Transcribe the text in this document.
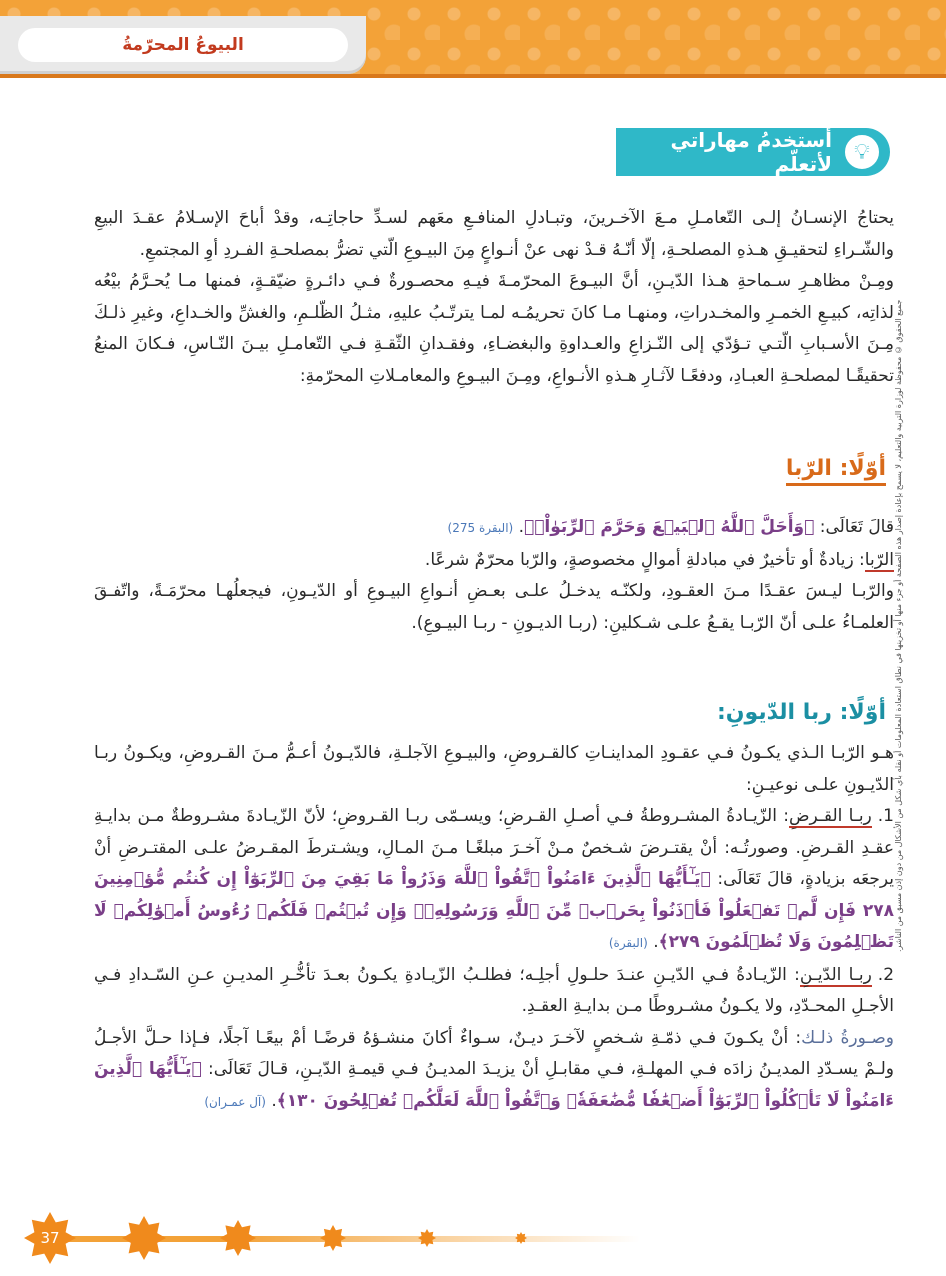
البيوعُ المحرّمةُ
💡︎
أستخدمُ مهاراتي لأتعلّم

يحتاجُ الإنسـانُ إلـى التّعامـلِ مـعَ الآخـرينَ، وتبـادلِ المنافـعِ معَهم لسـدِّ حاجاتِـه، وقدْ أباحَ الإسـلامُ عقـدَ البيعِ والشّـراءِ لتحقيـقِ هـذهِ المصلحـةِ، إلّا أنّـهُ قـدْ نهى عنْ أنـواعٍ مِنَ البيـوعِ الّتي تضرُّ بمصلحـةِ الفـردِ أوِ المجتمعِ.

ومِـنْ مظاهـرِ سـماحةِ هـذا الدّيـنِ، أنَّ البيـوعَ المحرّمـةَ فيـهِ محصـورةٌ فـي دائـرةٍ ضيّقـةٍ، فمنها مـا يُحـرَّمُ بيْعُه لذاتِه، كبيـعِ الخمـرِ والمخـدراتِ، ومنهـا مـا كانَ تحريمُـه لمـا يترتّـبُ عليهِ، مثـلُ الظّلـمِ، والغشِّ والخـداعِ، وغيرِ ذلـكَ مِـنَ الأسـبابِ الّتـي تـؤدّي إلى النّـزاعِ والعـداوةِ والبغضـاءِ، وفقـدانِ الثّقـةِ فـي التّعامـلِ بيـنَ النّـاسِ، فـكانَ المنعُ تحقيقًـا لمصلحـةِ العبـادِ، ودفعًـا لآثـارِ هـذهِ الأنـواعِ، ومِـنَ البيـوعِ والمعامـلاتِ المحرّمةِ:

أوّلًا: الرّبا

قالَ تَعَالَى: ﴿وَأَحَلَّ ٱللَّهُ ٱلۡبَيۡعَ وَحَرَّمَ ٱلرِّبَوٰاْۚ﴾. (البقرة 275)

الرّبا: زيادةٌ أو تأخيرٌ في مبادلةِ أموالٍ مخصوصةٍ، والرّبا محرّمٌ شرعًا.

والرّبـا ليـسَ عقـدًا مـنَ العقـودِ، ولكنّـه يدخـلُ علـى بعـضِ أنـواعِ البيـوعِ أو الدّيـونِ، فيجعلُهـا محرّمَـةً، واتّفـقَ العلمـاءُ علـى أنّ الرّبـا يقـعُ علـى شـكلينِ: (ربـا الديـونِ - ربـا البيـوعِ).

أوّلًا: ربا الدّيونِ:

هـو الرّبـا الـذي يكـونُ فـي عقـودِ المداينـاتِ كالقـروضِ، والبيـوعِ الآجلـةِ، فالدّيـونُ أعـمُّ مـنَ القـروضِ، ويكـونُ ربـا الدّيـونِ علـى نوعيـنِ:

1.ربـا القـرضِ: الزّيـادةُ المشـروطةُ فـي أصـلِ القـرضِ؛ ويسـمّى ربـا القـروضِ؛ لأنّ الزّيـادةَ مشـروطةٌ مـن بدايـةِ عقـدِ القـرضِ. وصورتُـه: أنْ يقتـرضَ شـخصٌ مـنْ آخـرَ مبلغًـا مـنَ المـالِ، ويشـترطَ المقـرضُ علـى المقتـرضِ أنْ يرجعَه بزيادةٍ، قالَ تَعَالَى: ﴿يَـٰٓأَيُّهَا ٱلَّذِينَ ءَامَنُواْ ٱتَّقُواْ ٱللَّهَ وَذَرُواْ مَا بَقِيَ مِنَ ٱلرِّبَوٰٓاْ إِن كُنتُم مُّؤۡمِنِينَ ٢٧٨ فَإِن لَّمۡ تَفۡعَلُواْ فَأۡذَنُواْ بِحَرۡبٖ مِّنَ ٱللَّهِ وَرَسُولِهِۦۖ وَإِن تُبۡتُمۡ فَلَكُمۡ رُءُوسُ أَمۡوَٰلِكُمۡ لَا تَظۡلِمُونَ وَلَا تُظۡلَمُونَ ٢٧٩﴾. (البقرة)

2.ربـا الدّيـنِ: الزّيـادةُ فـي الدّيـنِ عنـدَ حلـولِ أجلِـه؛ فطلـبُ الزّيـادةِ يكـونُ بعـدَ تأخُّـرِ المديـنِ عـنِ السّـدادِ فـي الأجـلِ المحـدّدِ، ولا يكـونُ مشـروطًا مـن بدايـةِ العقـدِ.

وصـورةُ ذلـك: أنْ يكـونَ فـي ذمّـةِ شـخصٍ لآخـرَ ديـنٌ، سـواءٌ أكانَ منشـؤهُ قرضًـا أمْ بيعًـا آجلًا، فـإذا حـلَّ الأجـلُ ولـمْ يسـدّدِ المديـنُ زادَه فـي المهلـةِ، فـي مقابـلِ أنْ يزيـدَ المديـنُ فـي قيمـةِ الدّيـنِ، قـالَ تَعَالَى: ﴿يَـٰٓأَيُّهَا ٱلَّذِينَ ءَامَنُواْ لَا تَأۡكُلُواْ ٱلرِّبَوٰٓاْ أَضۡعَٰفٗا مُّضَٰعَفَةٗۖ وَٱتَّقُواْ ٱللَّهَ لَعَلَّكُمۡ تُفۡلِحُونَ ١٣٠﴾. (آل عمـران)

جميع الحقوق © محفوظة لوزارة التربية والتعليم، لا يسمح بإعادة إصدار هذه الصفحة أو جزء منها أو تخزينها في نطاق استعادة المعلومات أو نقله بأي شكل من الأشكال من دون إذن مسبق من الناشر.
37
